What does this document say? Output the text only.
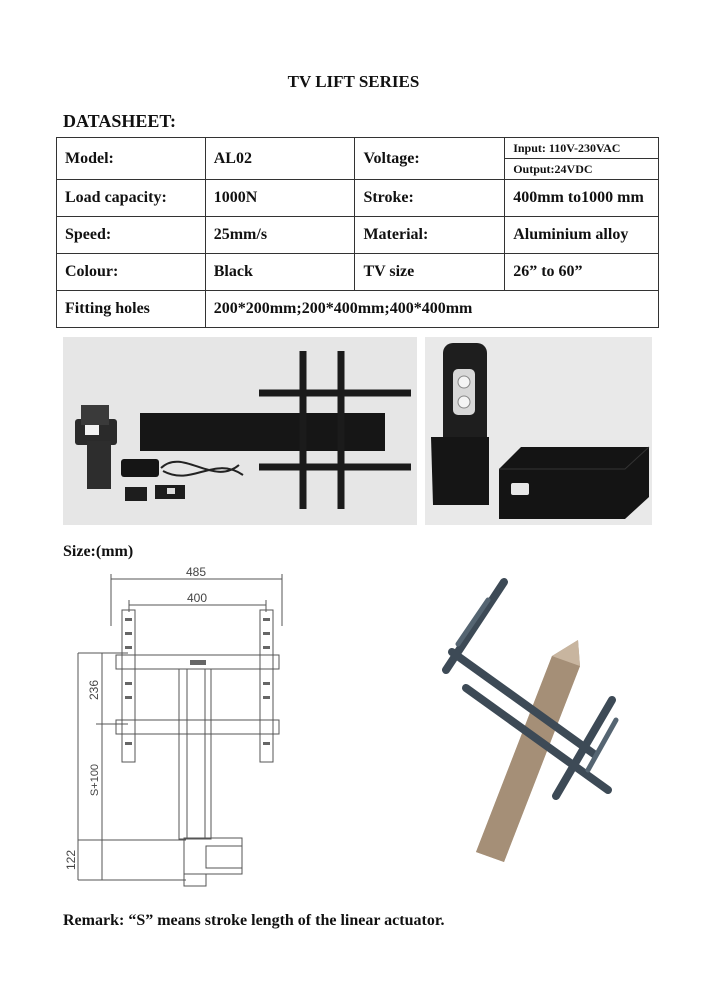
TV LIFT SERIES
DATASHEET:
Model:	AL02	Voltage:	Input: 110V-230VAC
Output:24VDC

Load capacity:	1000N	Stroke:	400mm to1000 mm
Speed:	25mm/s	Material:	Aluminium alloy
Colour:	Black	TV size	26” to 60”
Fitting holes	200*200mm;200*400mm;400*400mm		
Size:(mm)
485
400
236
S+100
122
Remark: “S” means stroke length of the linear actuator.
